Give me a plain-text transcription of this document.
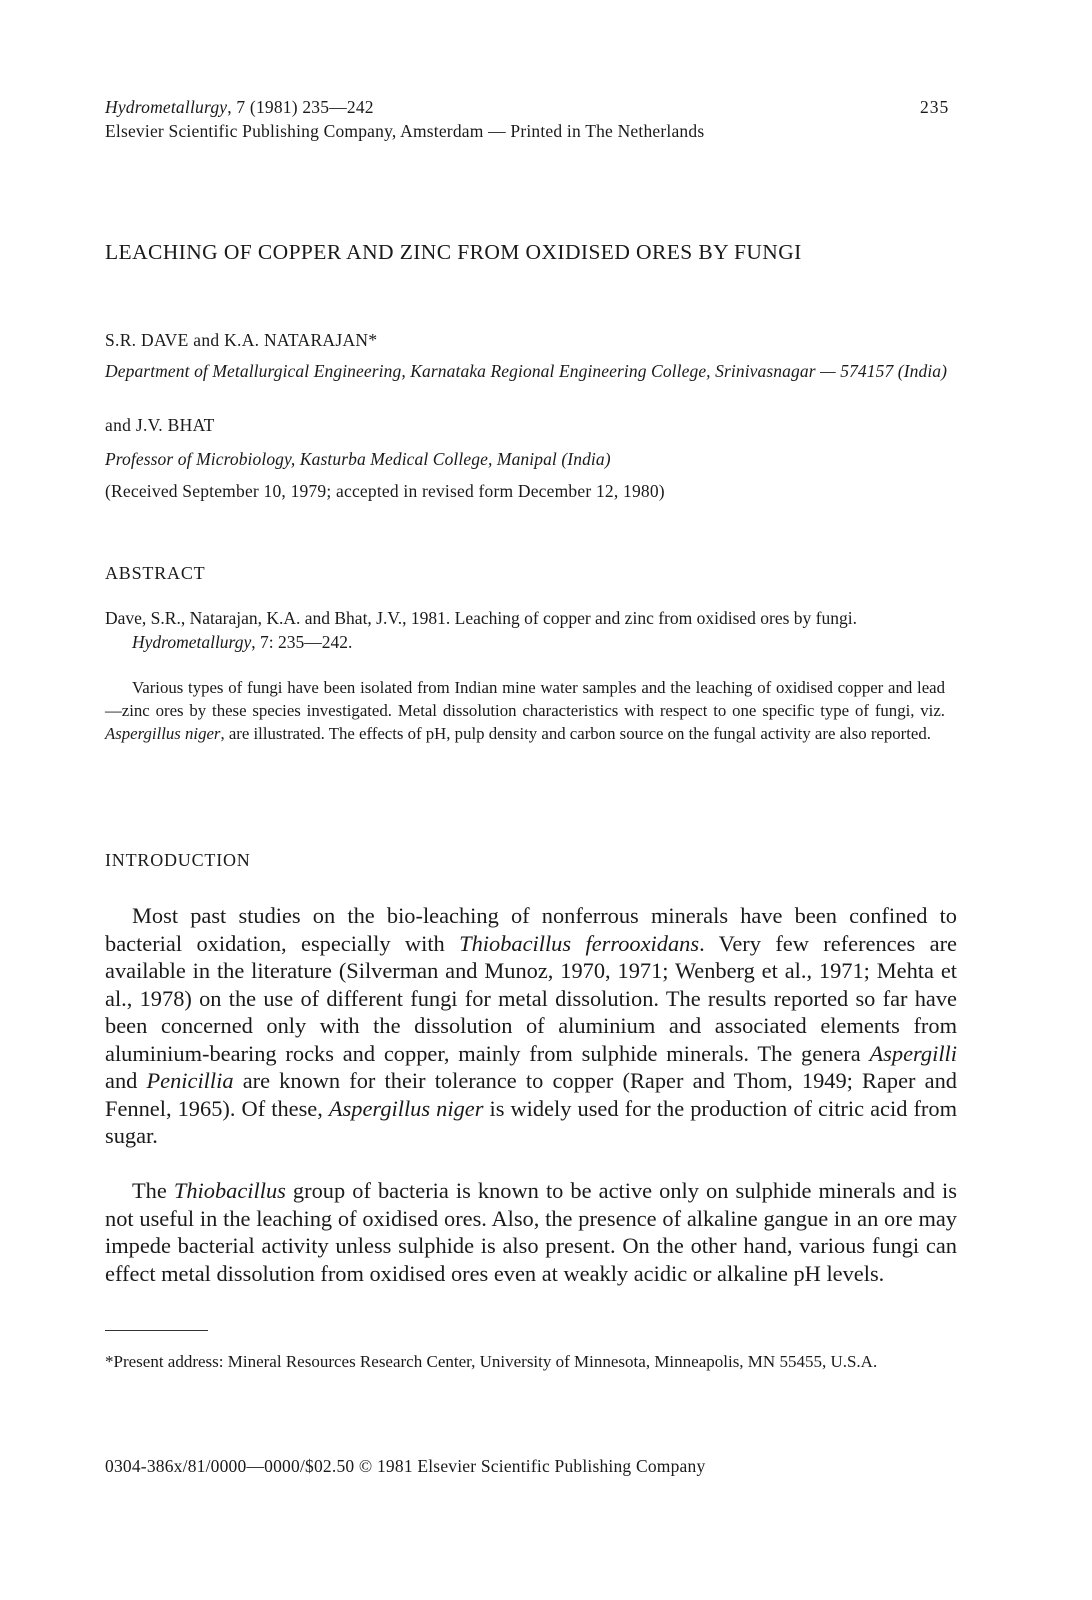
Hydrometallurgy, 7 (1981) 235—242
Elsevier Scientific Publishing Company, Amsterdam — Printed in The Netherlands
235
LEACHING OF COPPER AND ZINC FROM OXIDISED ORES BY FUNGI
S.R. DAVE and K.A. NATARAJAN*
Department of Metallurgical Engineering, Karnataka Regional Engineering College, Srinivasnagar — 574157 (India)
and J.V. BHAT
Professor of Microbiology, Kasturba Medical College, Manipal (India)
(Received September 10, 1979; accepted in revised form December 12, 1980)
ABSTRACT
Dave, S.R., Natarajan, K.A. and Bhat, J.V., 1981. Leaching of copper and zinc from oxidised ores by fungi. Hydrometallurgy, 7: 235—242.
Various types of fungi have been isolated from Indian mine water samples and the leaching of oxidised copper and lead—zinc ores by these species investigated. Metal dissolution characteristics with respect to one specific type of fungi, viz. Aspergillus niger, are illustrated. The effects of pH, pulp density and carbon source on the fungal activity are also reported.
INTRODUCTION
Most past studies on the bio-leaching of nonferrous minerals have been confined to bacterial oxidation, especially with Thiobacillus ferrooxidans. Very few references are available in the literature (Silverman and Munoz, 1970, 1971; Wenberg et al., 1971; Mehta et al., 1978) on the use of different fungi for metal dissolution. The results reported so far have been concerned only with the dissolution of aluminium and associated elements from aluminium-bearing rocks and copper, mainly from sulphide minerals. The genera Aspergilli and Penicillia are known for their tolerance to copper (Raper and Thom, 1949; Raper and Fennel, 1965). Of these, Aspergillus niger is widely used for the production of citric acid from sugar.
The Thiobacillus group of bacteria is known to be active only on sulphide minerals and is not useful in the leaching of oxidised ores. Also, the presence of alkaline gangue in an ore may impede bacterial activity unless sulphide is also present. On the other hand, various fungi can effect metal dissolution from oxidised ores even at weakly acidic or alkaline pH levels.
*Present address: Mineral Resources Research Center, University of Minnesota, Minneapolis, MN 55455, U.S.A.
0304-386x/81/0000—0000/$02.50 © 1981 Elsevier Scientific Publishing Company
